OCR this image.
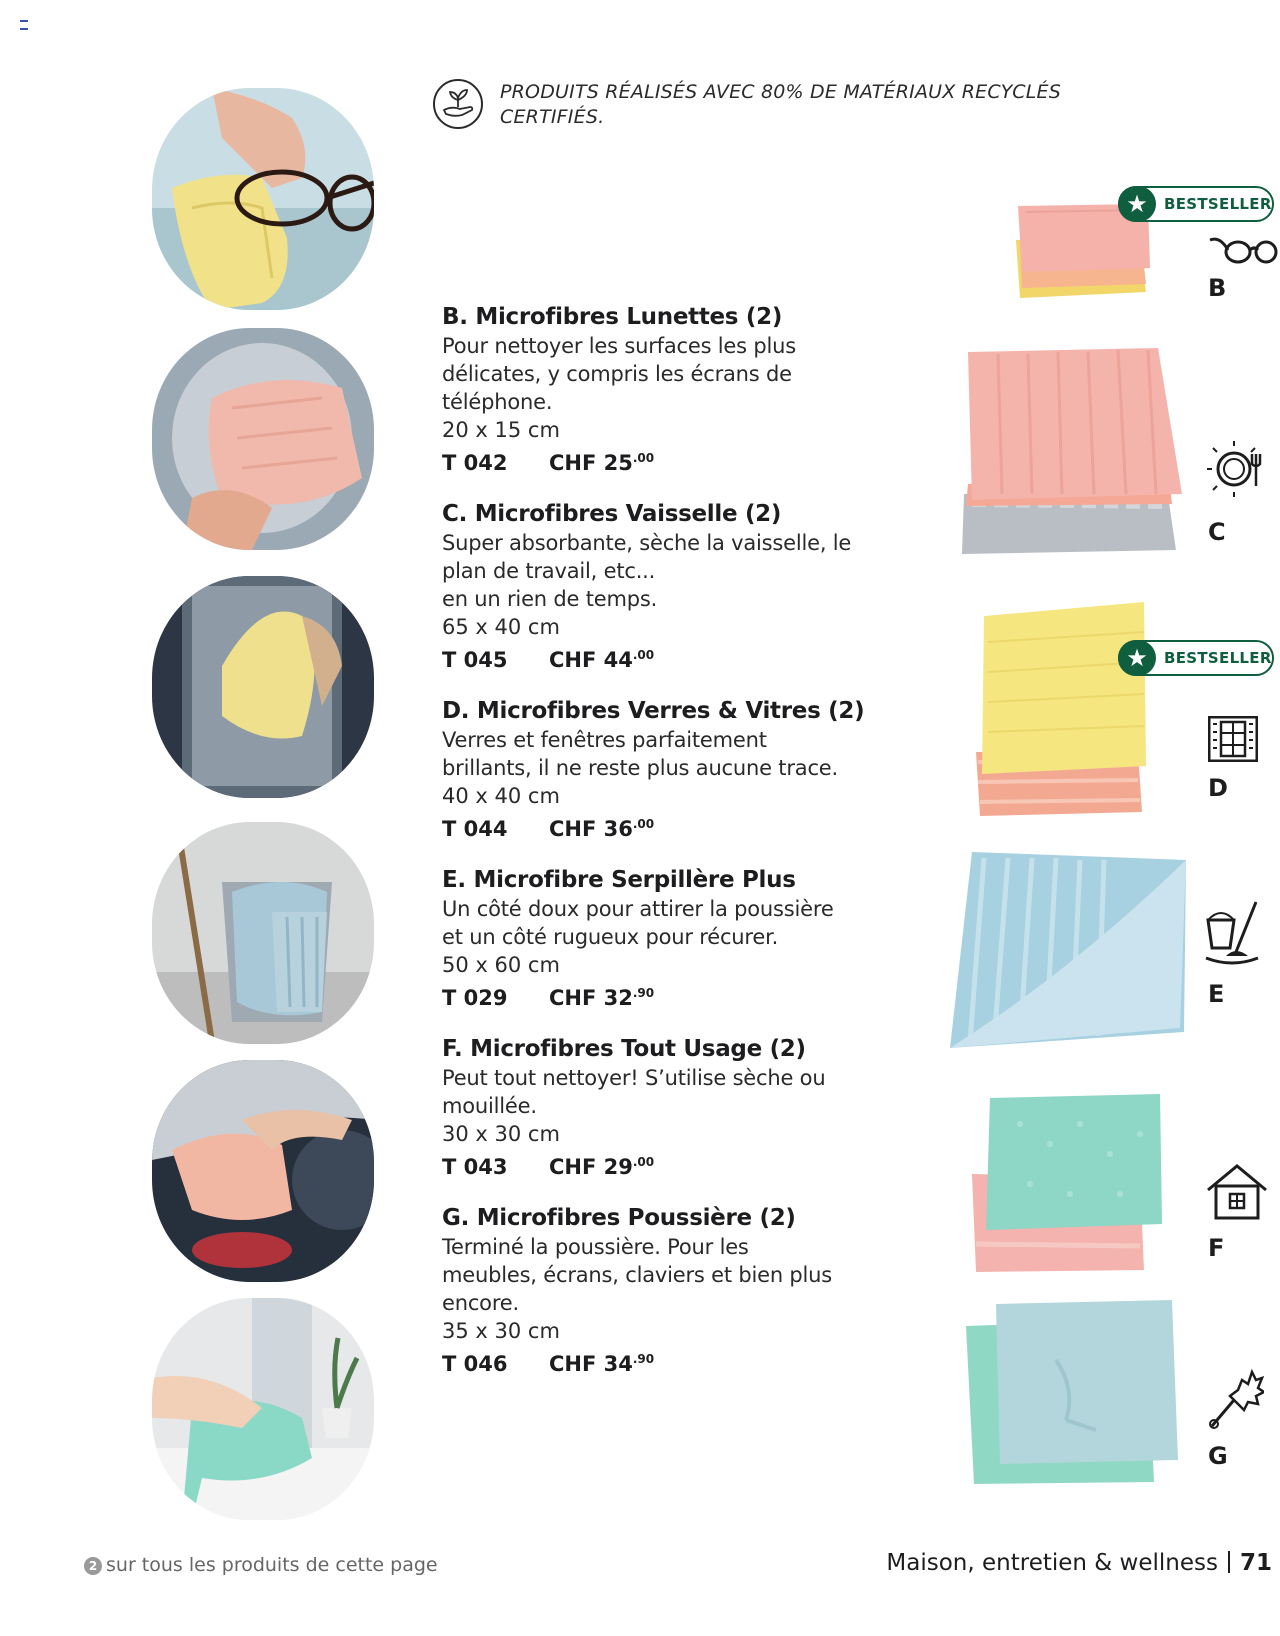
PRODUITS RÉALISÉS AVEC 80% DE MATÉRIAUX RECYCLÉS
CERTIFIÉS.
B. Microfibres Lunettes (2)
Pour nettoyer les surfaces les plus
délicates, y compris les écrans de
téléphone.
20 x 15 cm
T 042 CHF $25^{.00}$
C. Microfibres Vaisselle (2)
Super absorbante, sèche la vaisselle, le
plan de travail, etc...
en un rien de temps.
65 x 40 cm
T 045 CHF $44^{.00}$
D. Microfibres Verres & Vitres (2)
Verres et fenêtres parfaitement
brillants, il ne reste plus aucune trace.
40 x 40 cm
T 044 CHF $36^{.00}$
E. Microfibre Serpillère Plus
Un côté doux pour attirer la poussière
et un côté rugueux pour récurer.
50 x 60 cm
T 029 CHF $32^{.90}$
F. Microfibres Tout Usage (2)
Peut tout nettoyer! S’utilise sèche ou
mouillée.
30 x 30 cm
T 043 CHF $29^{.00}$
G. Microfibres Poussière (2)
Terminé la poussière. Pour les
meubles, écrans, claviers et bien plus
encore.
35 x 30 cm
T 046 CHF $34^{.90}$
★	BESTSELLER
B
C
★	BESTSELLER
D
E
F
G
2 sur tous les produits de cette page	Maison, entretien & wellness 71
